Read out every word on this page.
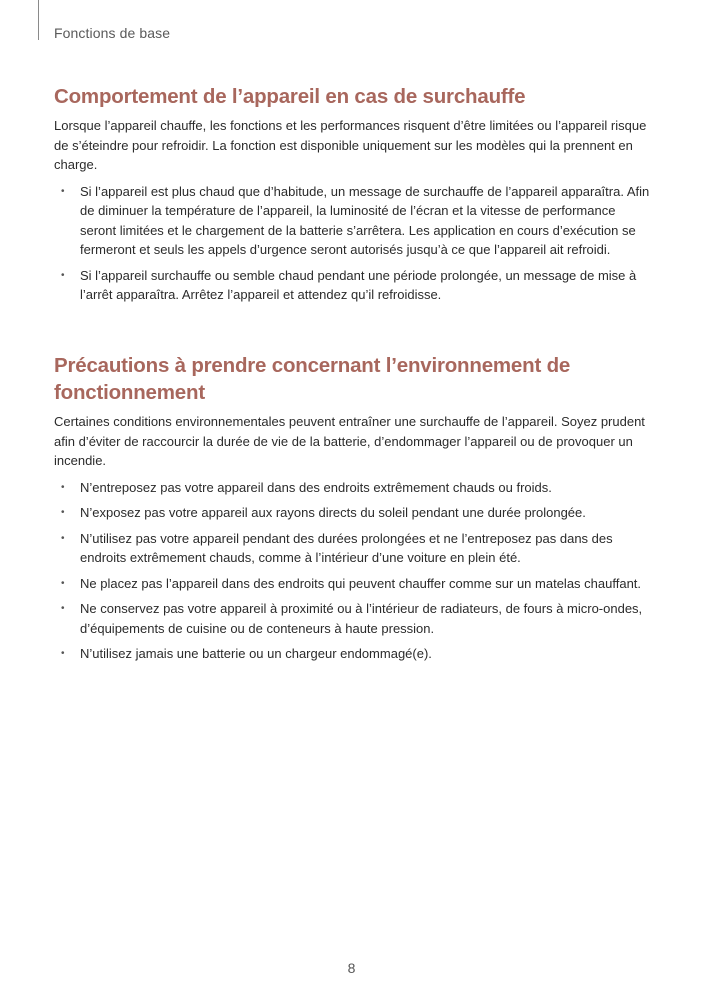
Fonctions de base
Comportement de l’appareil en cas de surchauffe

Lorsque l’appareil chauffe, les fonctions et les performances risquent d’être limitées ou l’appareil risque de s’éteindre pour refroidir. La fonction est disponible uniquement sur les modèles qui la prennent en charge.

• Si l’appareil est plus chaud que d’habitude, un message de surchauffe de l’appareil apparaîtra. Afin de diminuer la température de l’appareil, la luminosité de l’écran et la vitesse de performance seront limitées et le chargement de la batterie s’arrêtera. Les application en cours d’exécution se fermeront et seuls les appels d’urgence seront autorisés jusqu’à ce que l’appareil ait refroidi.
• Si l’appareil surchauffe ou semble chaud pendant une période prolongée, un message de mise à l’arrêt apparaîtra. Arrêtez l’appareil et attendez qu’il refroidisse.
Précautions à prendre concernant l’environnement de fonctionnement

Certaines conditions environnementales peuvent entraîner une surchauffe de l’appareil. Soyez prudent afin d’éviter de raccourcir la durée de vie de la batterie, d’endommager l’appareil ou de provoquer un incendie.

• N’entreposez pas votre appareil dans des endroits extrêmement chauds ou froids.
• N’exposez pas votre appareil aux rayons directs du soleil pendant une durée prolongée.
• N’utilisez pas votre appareil pendant des durées prolongées et ne l’entreposez pas dans des endroits extrêmement chauds, comme à l’intérieur d’une voiture en plein été.
• Ne placez pas l’appareil dans des endroits qui peuvent chauffer comme sur un matelas chauffant.
• Ne conservez pas votre appareil à proximité ou à l’intérieur de radiateurs, de fours à micro-ondes, d’équipements de cuisine ou de conteneurs à haute pression.
• N’utilisez jamais une batterie ou un chargeur endommagé(e).
8
